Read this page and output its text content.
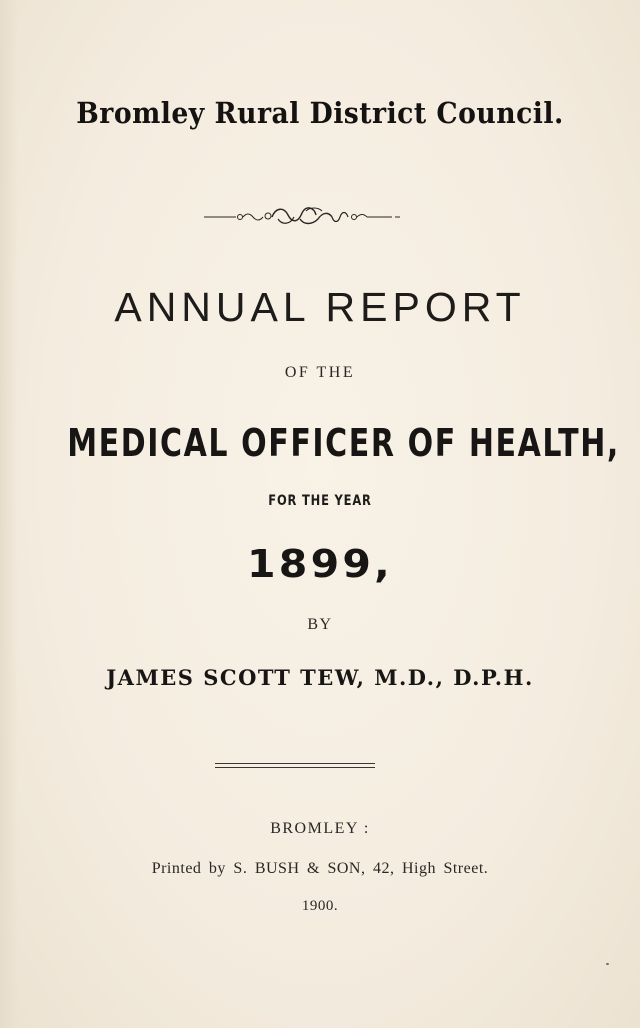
Bromley Rural District Council.
ANNUAL REPORT
OF THE
MEDICAL OFFICER OF HEALTH,
FOR THE YEAR
1899,
BY
JAMES SCOTT TEW, M.D., D.P.H.
BROMLEY :
Printed by S. BUSH & SON, 42, High Street.
1900.
